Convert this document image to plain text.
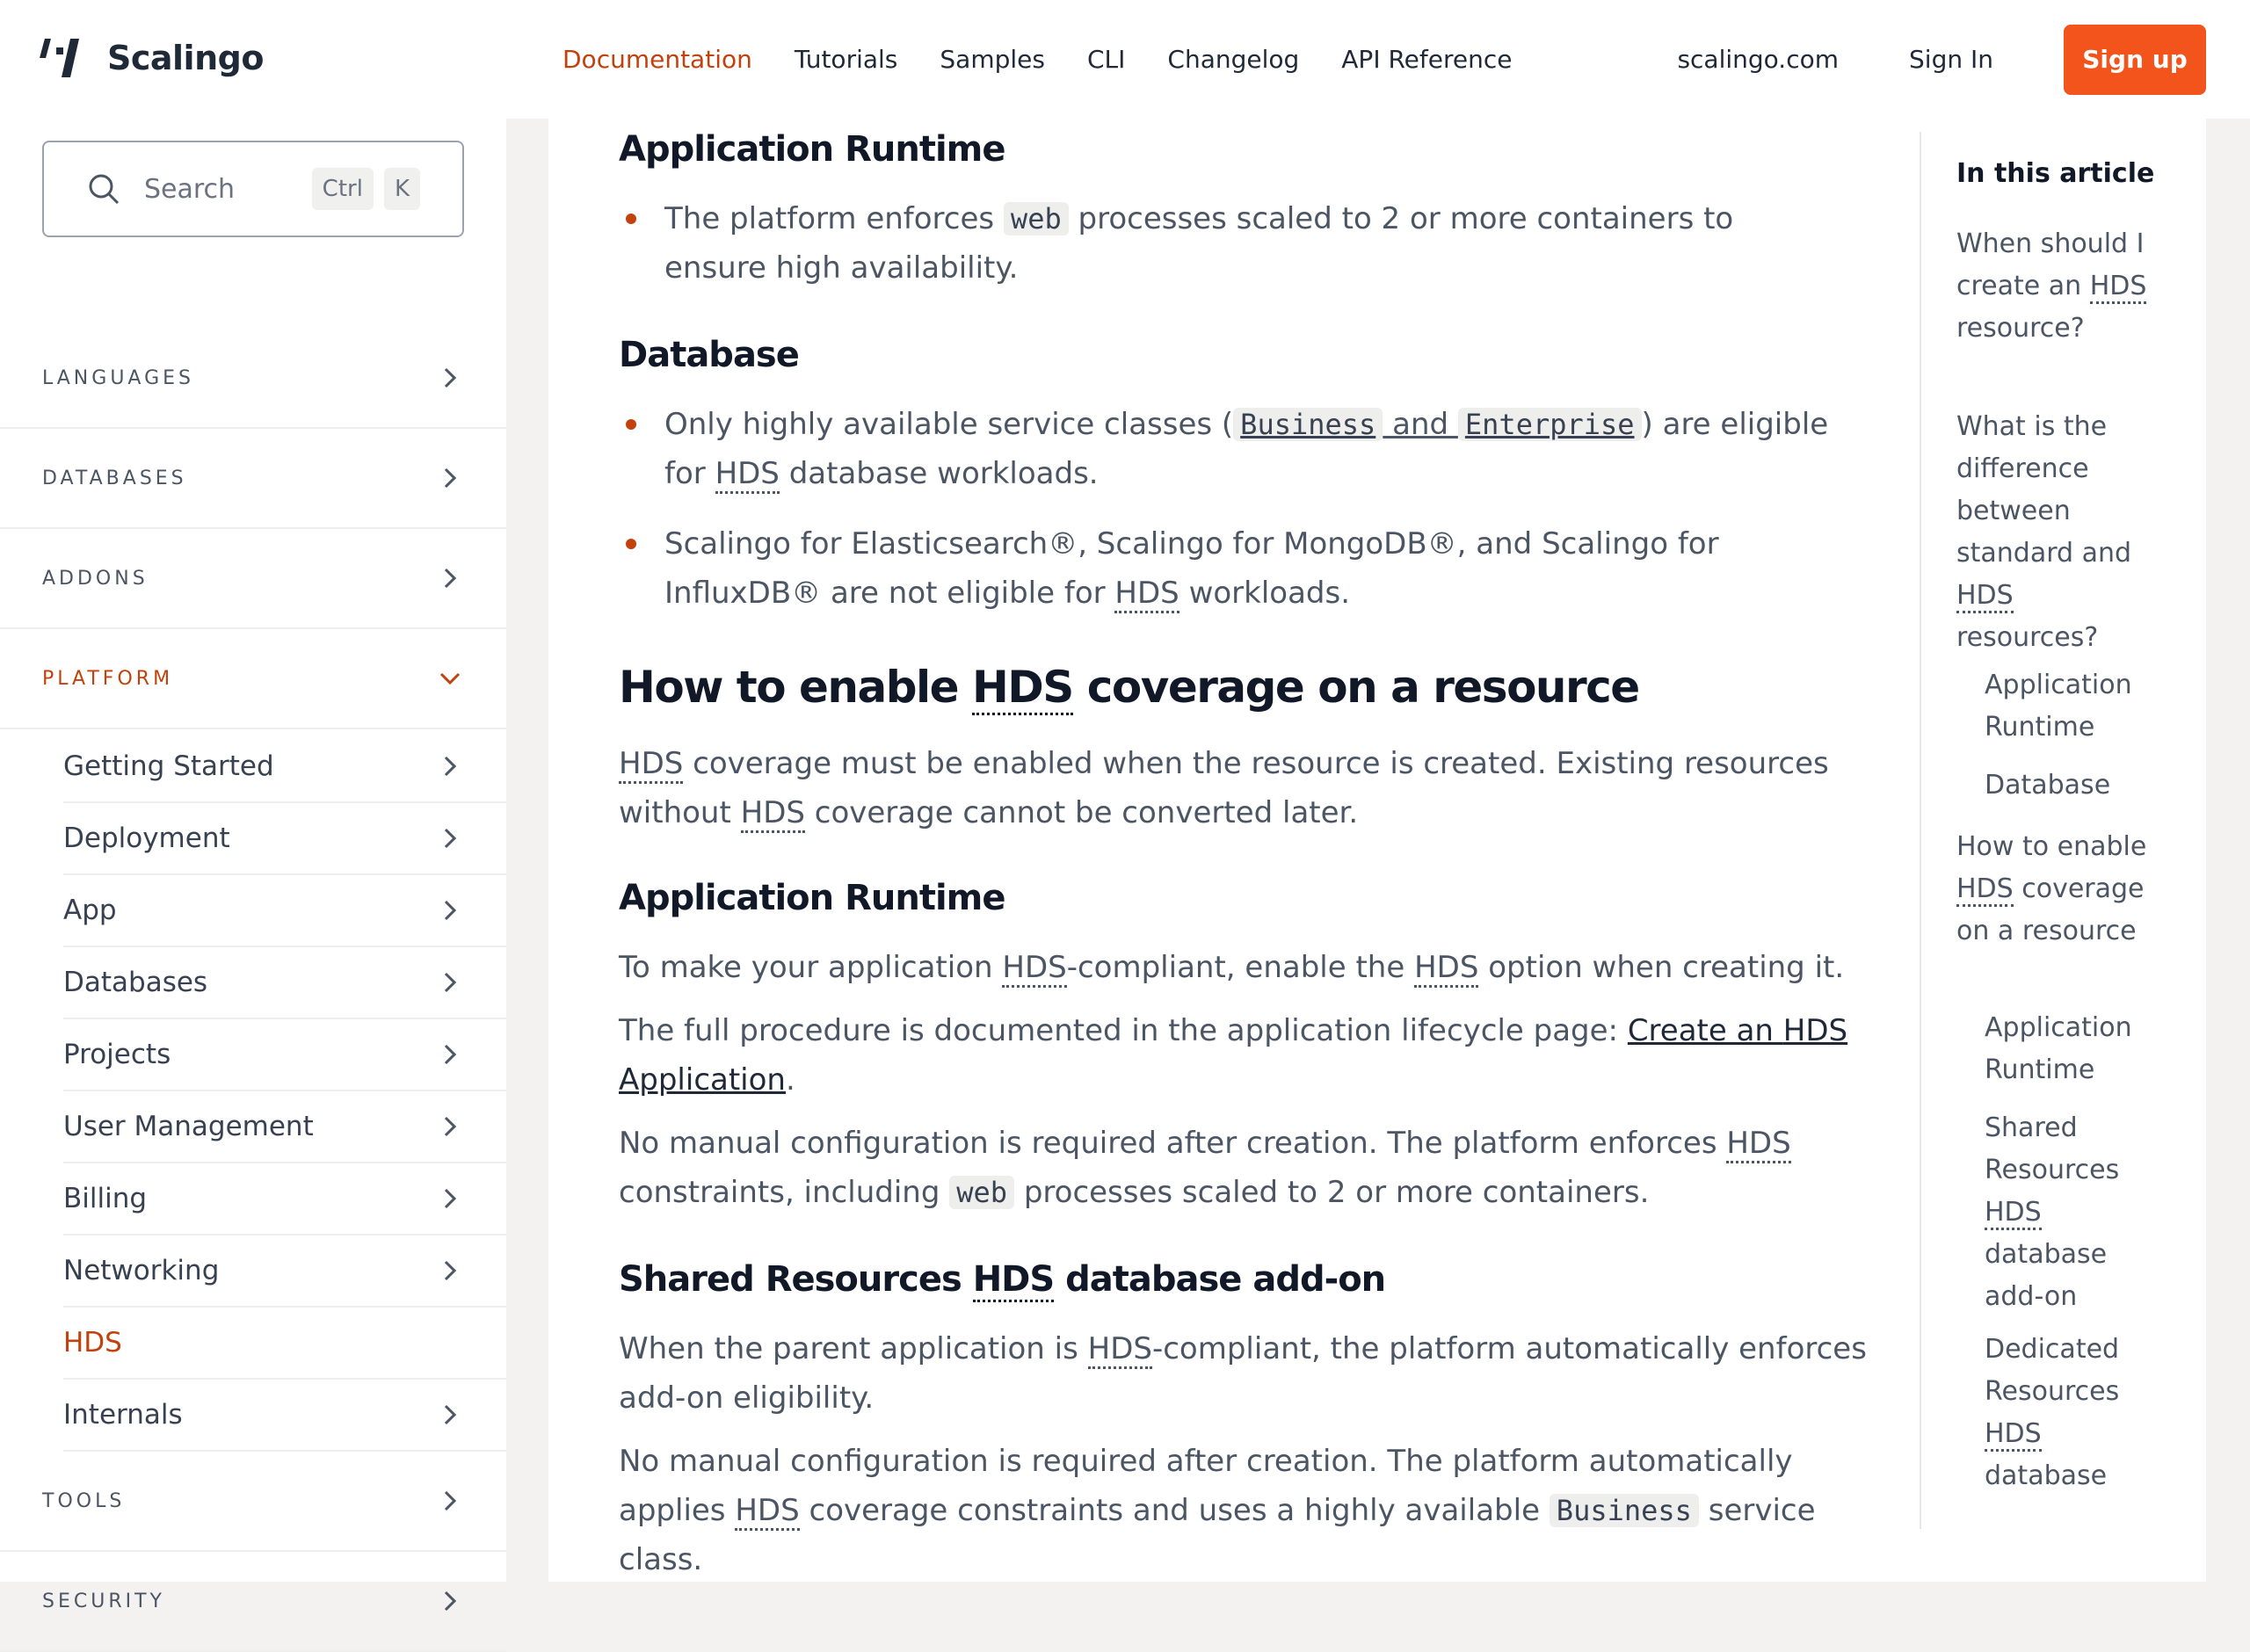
Scalingo	Documentation Tutorials Samples CLI Changelog API Reference	scalingo.com	Sign In	Sign up
Search	Ctrl	K
LANGUAGES
DATABASES
ADDONS
PLATFORM
Getting Started
Deployment
App
Databases
Projects
User Management
Billing
Networking
HDS
Internals
TOOLS
SECURITY
Application Runtime
The platform enforces web processes scaled to 2 or more containers to ensure high availability.
Database
Only highly available service classes ( Business and Enterprise ) are eligible for HDS database workloads.
Scalingo for Elasticsearch®, Scalingo for MongoDB®, and Scalingo for InfluxDB® are not eligible for HDS workloads.
How to enable HDS coverage on a resource
HDS coverage must be enabled when the resource is created. Existing resources without HDS coverage cannot be converted later.
Application Runtime
To make your application HDS-compliant, enable the HDS option when creating it.
The full procedure is documented in the application lifecycle page: Create an HDS Application.
No manual configuration is required after creation. The platform enforces HDS constraints, including web processes scaled to 2 or more containers.
Shared Resources HDS database add-on
When the parent application is HDS-compliant, the platform automatically enforces add-on eligibility.
No manual configuration is required after creation. The platform automatically applies HDS coverage constraints and uses a highly available Business service class.
In this article
When should I create an HDS resource?
What is the difference between standard and HDS resources?
Application Runtime
Database
How to enable HDS coverage on a resource
Application Runtime
Shared Resources HDS database add-on
Dedicated Resources HDS database
